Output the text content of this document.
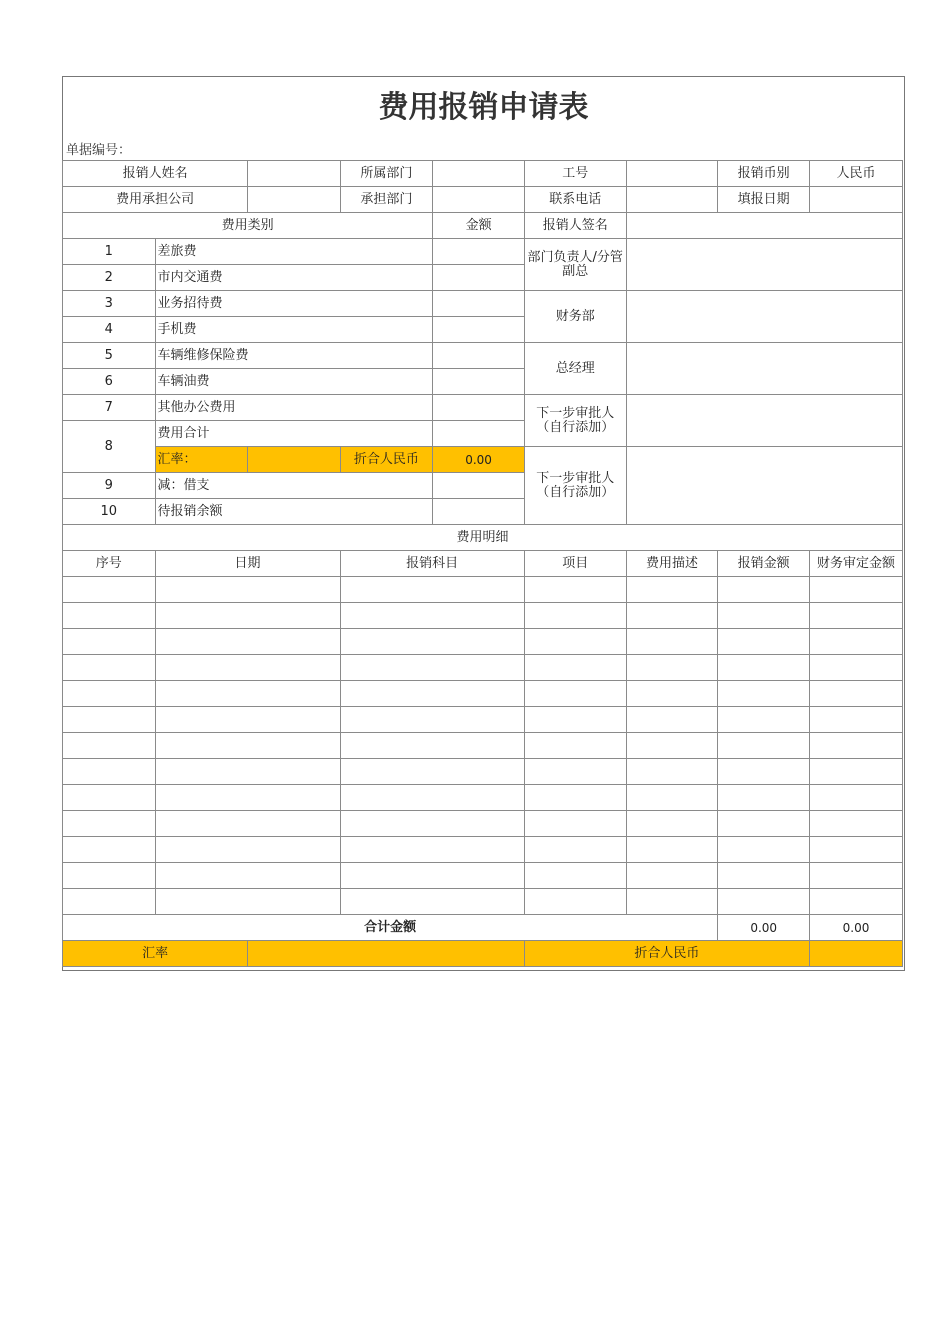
费用报销申请表
单据编号：
报销人姓名			所属部门		工号		报销币别	人民币
费用承担公司			承担部门		联系电话		填报日期	
费用类别				金额	报销人签名			
1	差旅费				部门负责人/分管副总			
2	市内交通费							
3	业务招待费				财务部			
4	手机费							
5	车辆维修保险费				总经理			
6	车辆油费							
7	其他办公费用				下一步审批人（自行添加）			
8	费用合计							
	汇率：		折合人民币	0.00	下一步审批人（自行添加）			
9	减：借支							
10	待报销余额							
费用明细								
序号	日期		报销科目		项目	费用描述	报销金额	财务审定金额

合计金额							0.00	0.00
汇率					折合人民币			
